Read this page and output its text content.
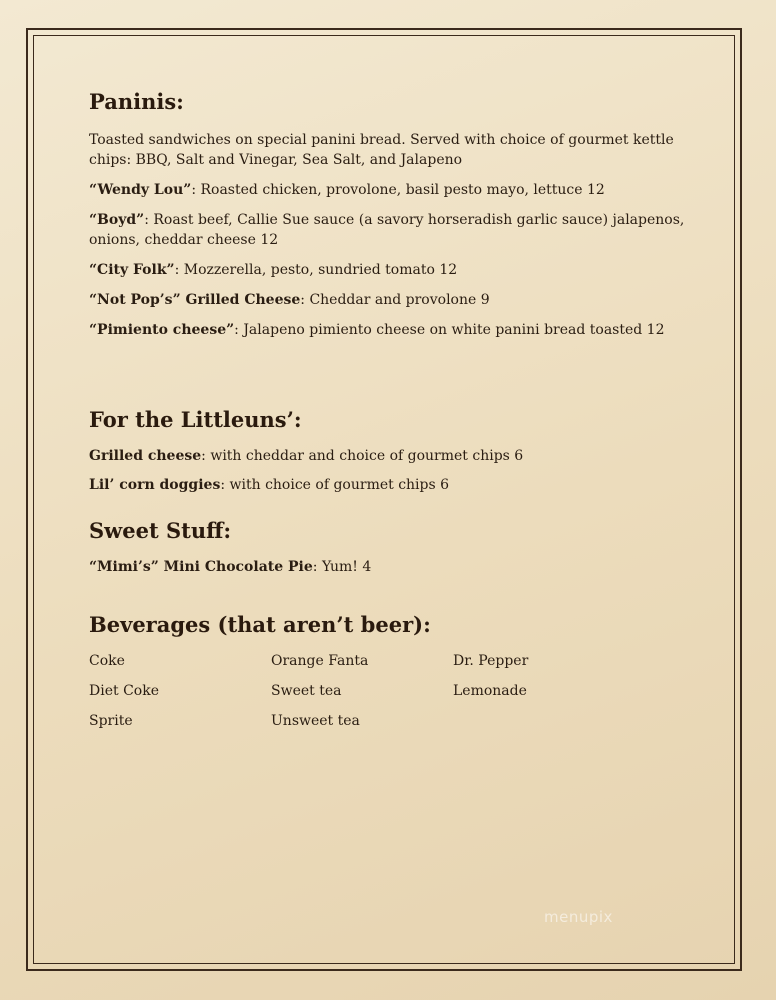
Paninis:

Toasted sandwiches on special panini bread. Served with choice of gourmet kettle chips: BBQ, Salt and Vinegar, Sea Salt, and Jalapeno

“Wendy Lou”: Roasted chicken, provolone, basil pesto mayo, lettuce 12

“Boyd”: Roast beef, Callie Sue sauce (a savory horseradish garlic sauce) jalapenos, onions, cheddar cheese 12

“City Folk”: Mozzerella, pesto, sundried tomato 12

“Not Pop’s” Grilled Cheese: Cheddar and provolone 9

“Pimiento cheese”: Jalapeno pimiento cheese on white panini bread toasted 12

For the Littleuns’:

Grilled cheese: with cheddar and choice of gourmet chips 6

Lil’ corn doggies: with choice of gourmet chips 6

Sweet Stuff:

“Mimi’s” Mini Chocolate Pie: Yum! 4

Beverages (that aren’t beer):
Coke
Diet Coke
Sprite
Orange Fanta
Sweet tea
Unsweet tea
Dr. Pepper
Lemonade
menupix
